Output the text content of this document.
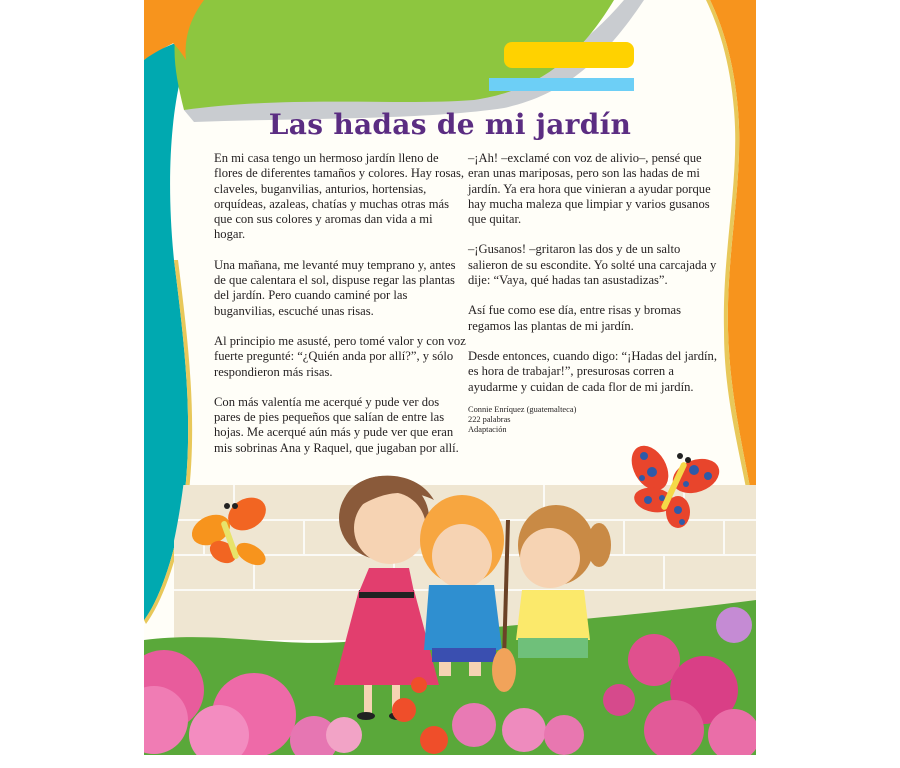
Las hadas de mi jardín

En mi casa tengo un hermoso jardín lleno de flores de diferentes tamaños y colores. Hay rosas, claveles, buganvilias, anturios, hortensias, orquídeas, azaleas, chatías y muchas otras más que con sus colores y aromas dan vida a mi hogar.

Una mañana, me levanté muy temprano y, antes de que calentara el sol, dispuse regar las plantas del jardín. Pero cuando caminé por las buganvilias, escuché unas risas.

Al principio me asusté, pero tomé valor y con voz fuerte pregunté: “¿Quién anda por allí?”, y sólo respondieron más risas.

Con más valentía me acerqué y pude ver dos pares de pies pequeños que salían de entre las hojas. Me acerqué aún más y pude ver que eran mis sobrinas Ana y Raquel, que jugaban por allí.

–¡Ah! –exclamé con voz de alivio–, pensé que eran unas mariposas, pero son las hadas de mi jardín. Ya era hora que vinieran a ayudar porque hay mucha maleza que limpiar y varios gusanos que quitar.

–¡Gusanos! –gritaron las dos y de un salto salieron de su escondite. Yo solté una carcajada y dije: “Vaya, qué hadas tan asustadizas”.

Así fue como ese día, entre risas y bromas regamos las plantas de mi jardín.

Desde entonces, cuando digo: “¡Hadas del jardín, es hora de trabajar!”, presurosas corren a ayudarme y cuidan de cada flor de mi jardín.

Connie Enríquez (guatemalteca)
222 palabras
Adaptación
